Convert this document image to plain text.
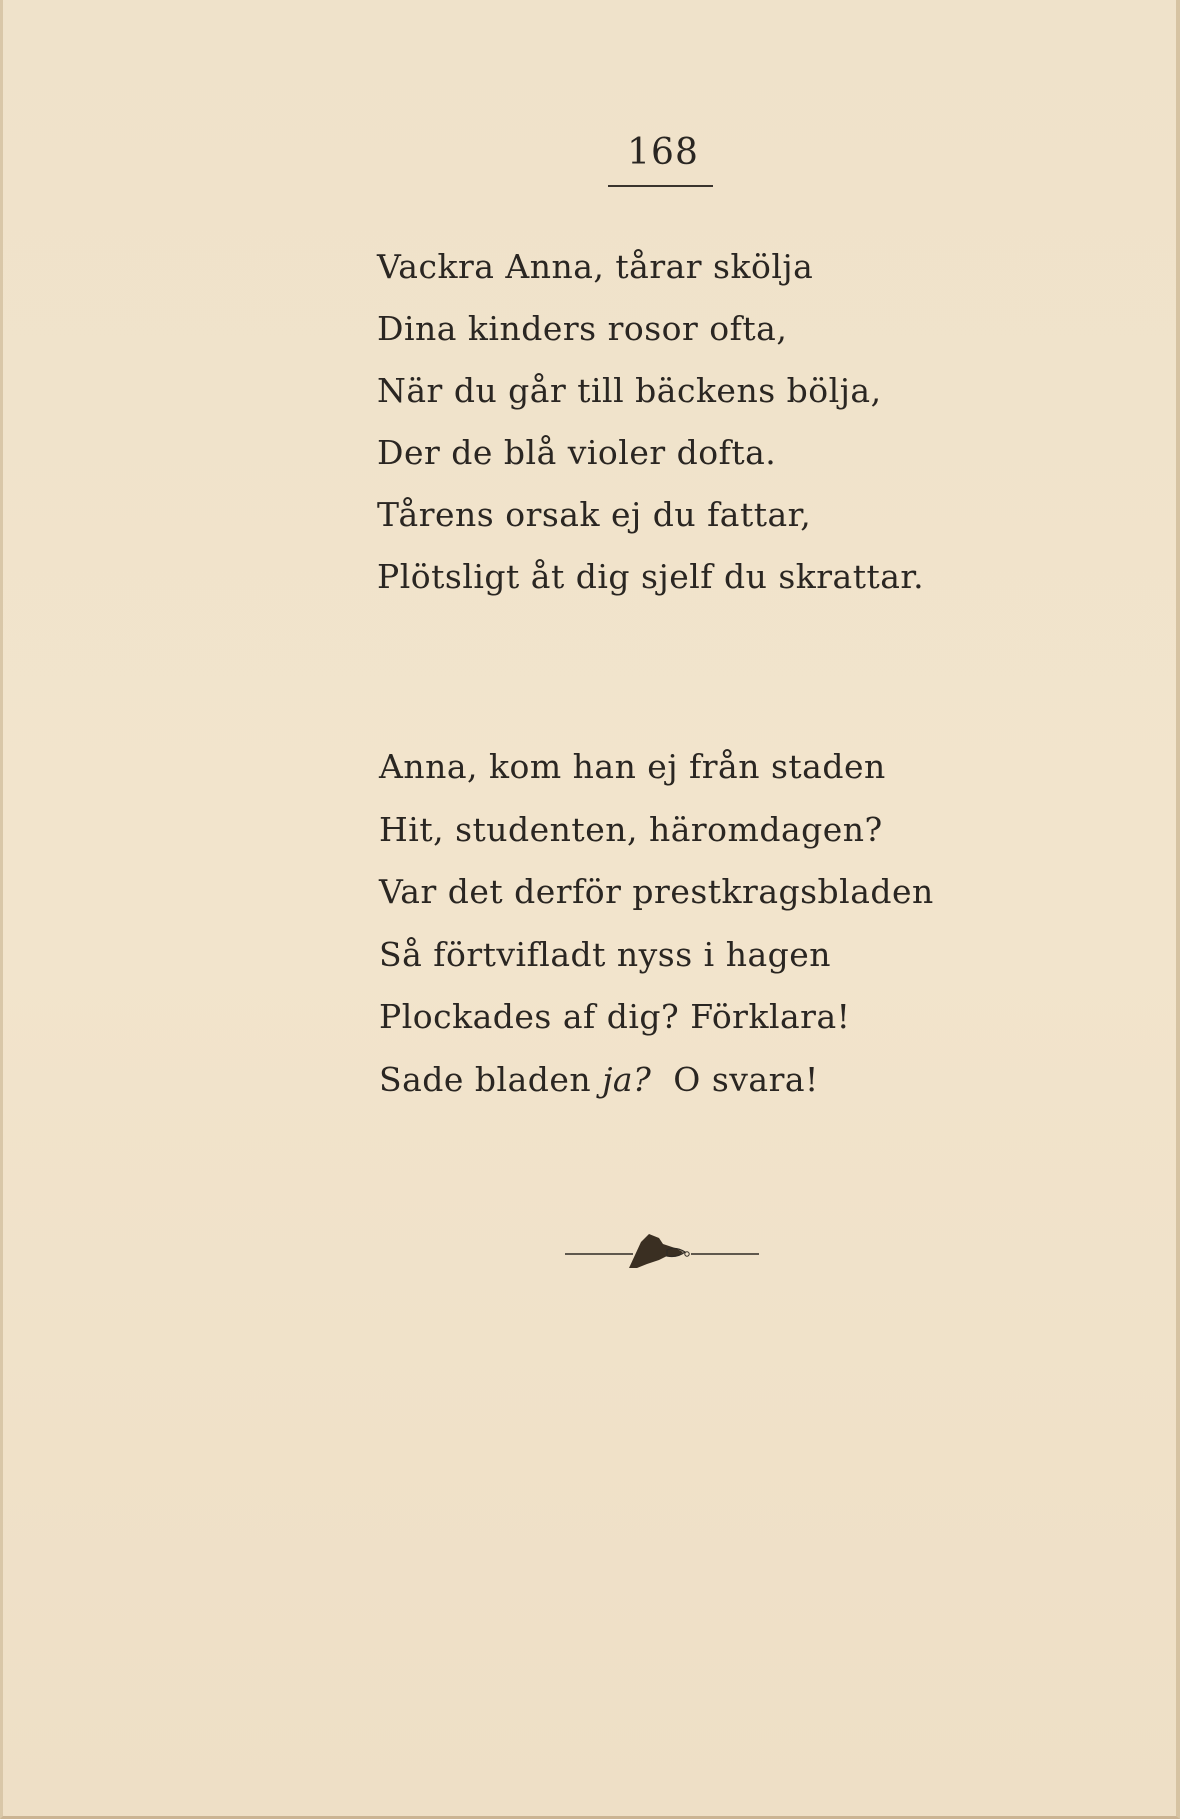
168
Vackra Anna, tårar skölja
Dina kinders rosor ofta,
När du går till bäckens bölja,
Der de blå violer dofta.
Tårens orsak ej du fattar,
Plötsligt åt dig sjelf du skrattar.
Anna, kom han ej från staden
Hit, studenten, häromdagen?
Var det derför prestkragsbladen
Så förtvifladt nyss i hagen
Plockades af dig? Förklara!
Sade bladen ja?  O svara!
